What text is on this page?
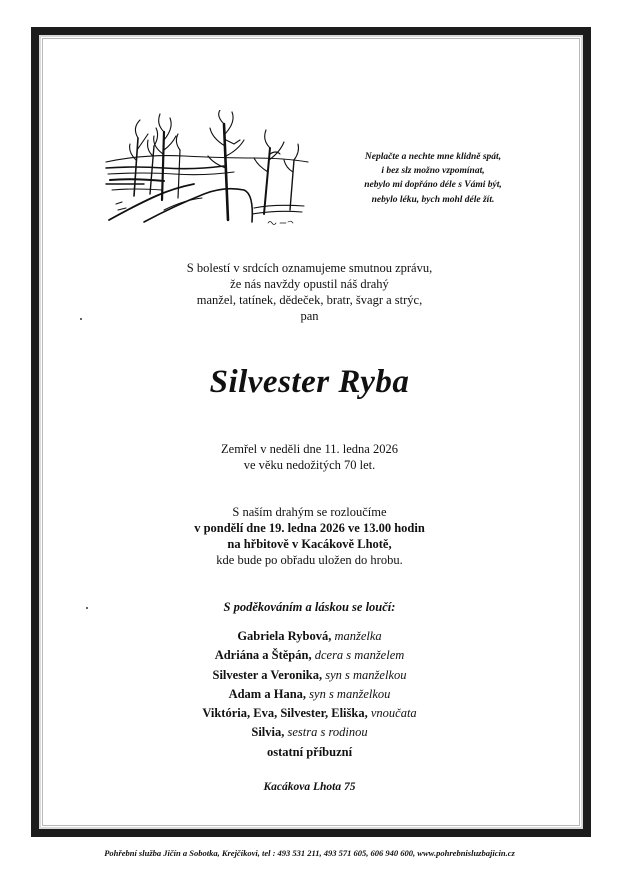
Neplačte a nechte mne klidně spát,
i bez slz možno vzpomínat,
nebylo mi dopřáno déle s Vámi být,
nebylo léku, bych mohl déle žít.
S bolestí v srdcích oznamujeme smutnou zprávu,
že nás navždy opustil náš drahý
manžel, tatínek, dědeček, bratr, švagr a strýc,
pan
Silvester Ryba
Zemřel v neděli dne 11. ledna 2026
ve věku nedožitých 70 let.
S naším drahým se rozloučíme
v pondělí dne 19. ledna 2026 ve 13.00 hodin
na hřbitově v Kacákově Lhotě,
kde bude po obřadu uložen do hrobu.
S poděkováním a láskou se loučí:
Gabriela Rybová, manželka
Adriána a Štěpán, dcera s manželem
Silvester a Veronika, syn s manželkou
Adam a Hana, syn s manželkou
Viktória, Eva, Silvester, Eliška, vnoučata
Silvia, sestra s rodinou
ostatní příbuzní
Kacákova Lhota 75
Pohřební služba Jičín a Sobotka, Krejčíkovi, tel : 493 531 211, 493 571 605, 606 940 600, www.pohrebnisluzbajicin.cz
